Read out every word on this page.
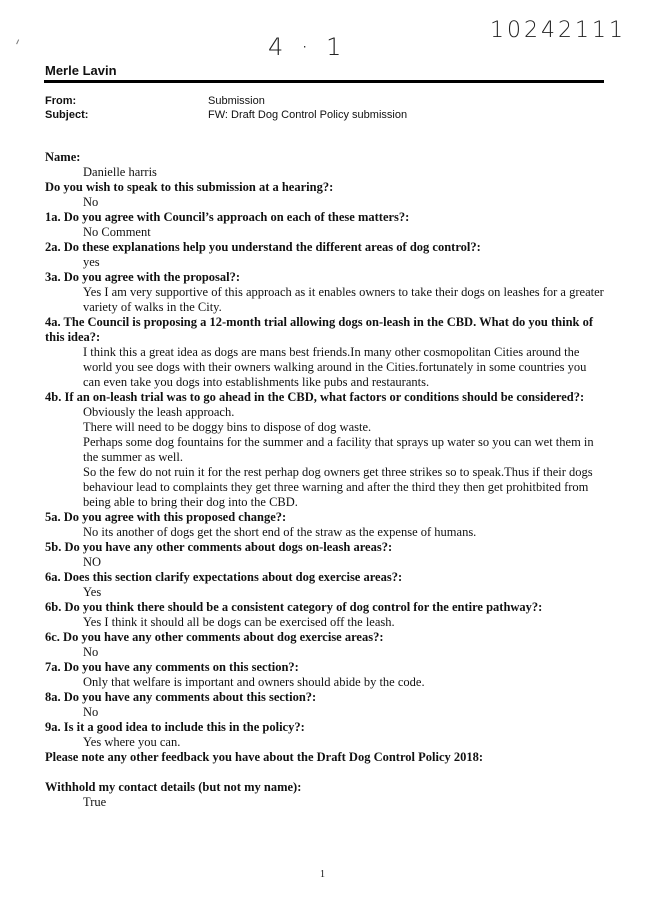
4 · 1
10242111
Merle Lavin
From:	Submission
Subject:	FW: Draft Dog Control Policy submission
Name:
Danielle harris
Do you wish to speak to this submission at a hearing?:
No
1a. Do you agree with Council’s approach on each of these matters?:
No Comment
2a. Do these explanations help you understand the different areas of dog control?:
yes
3a. Do you agree with the proposal?:
Yes I am very supportive of this approach as it enables owners to take their dogs on leashes for a greater variety of walks in the City.
4a. The Council is proposing a 12-month trial allowing dogs on-leash in the CBD. What do you think of this idea?:
I think this a great idea as dogs are mans best friends.In many other cosmopolitan Cities around the world you see dogs with their owners walking around in the Cities.fortunately in some countries you can even take you dogs into establishments like pubs and restaurants.
4b. If an on-leash trial was to go ahead in the CBD, what factors or conditions should be considered?:
Obviously the leash approach.
There will need to be doggy bins to dispose of dog waste.
Perhaps some dog fountains for the summer and a facility that sprays up water so you can wet them in the summer as well.
So the few do not ruin it for the rest perhap dog owners get three strikes so to speak.Thus if their dogs behaviour lead to complaints they get three warning and after the third they then get prohitbited from being able to bring their dog into the CBD.
5a. Do you agree with this proposed change?:
No its another of dogs get the short end of the straw as the expense of humans.
5b. Do you have any other comments about dogs on-leash areas?:
NO
6a. Does this section clarify expectations about dog exercise areas?:
Yes
6b. Do you think there should be a consistent category of dog control for the entire pathway?:
Yes I think it should all be dogs can be exercised off the leash.
6c. Do you have any other comments about dog exercise areas?:
No
7a. Do you have any comments on this section?:
Only that welfare is important and owners should abide by the code.
8a. Do you have any comments about this section?:
No
9a. Is it a good idea to include this in the policy?:
Yes where you can.
Please note any other feedback you have about the Draft Dog Control Policy 2018:
Withhold my contact details (but not my name):
True
1
